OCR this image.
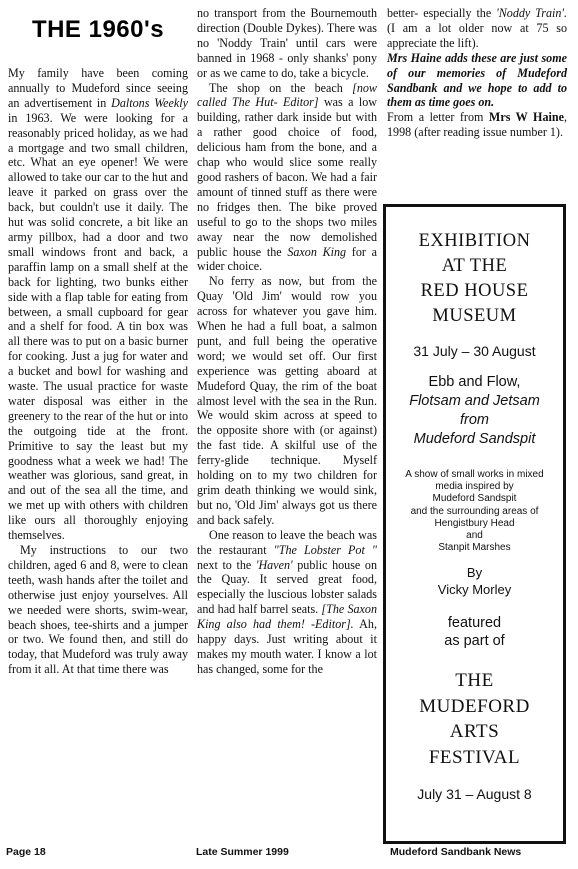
THE 1960's

My family have been coming annually to Mudeford since seeing an advertisement in Daltons Weekly in 1963. We were looking for a reasonably priced holiday, as we had a mortgage and two small children, etc. What an eye opener! We were allowed to take our car to the hut and leave it parked on grass over the back, but couldn't use it daily. The hut was solid concrete, a bit like an army pillbox, had a door and two small windows front and back, a paraffin lamp on a small shelf at the back for lighting, two bunks either side with a flap table for eating from between, a small cupboard for gear and a shelf for food. A tin box was all there was to put on a basic burner for cooking. Just a jug for water and a bucket and bowl for washing and waste. The usual practice for waste water disposal was either in the greenery to the rear of the hut or into the outgoing tide at the front. Primitive to say the least but my goodness what a week we had! The weather was glorious, sand great, in and out of the sea all the time, and we met up with others with children like ours all thoroughly enjoying themselves.

My instructions to our two children, aged 6 and 8, were to clean teeth, wash hands after the toilet and otherwise just enjoy yourselves. All we needed were shorts, swim-wear, beach shoes, tee-shirts and a jumper or two. We found then, and still do today, that Mudeford was truly away from it all. At that time there was

no transport from the Bournemouth direction (Double Dykes). There was no 'Noddy Train' until cars were banned in 1968 - only shanks' pony or as we came to do, take a bicycle.

The shop on the beach [now called The Hut- Editor] was a low building, rather dark inside but with a rather good choice of food, delicious ham from the bone, and a chap who would slice some really good rashers of bacon. We had a fair amount of tinned stuff as there were no fridges then. The bike proved useful to go to the shops two miles away near the now demolished public house the Saxon King for a wider choice.

No ferry as now, but from the Quay 'Old Jim' would row you across for whatever you gave him. When he had a full boat, a salmon punt, and full being the operative word; we would set off. Our first experience was getting aboard at Mudeford Quay, the rim of the boat almost level with the sea in the Run. We would skim across at speed to the opposite shore with (or against) the fast tide. A skilful use of the ferry-glide technique. Myself holding on to my two children for grim death thinking we would sink, but no, 'Old Jim' always got us there and back safely.

One reason to leave the beach was the restaurant "The Lobster Pot " next to the 'Haven' public house on the Quay. It served great food, especially the luscious lobster salads and had half barrel seats. [The Saxon King also had them! -Editor]. Ah, happy days. Just writing about it makes my mouth water. I know a lot has changed, some for the

better- especially the 'Noddy Train'. (I am a lot older now at 75 so appreciate the lift).

Mrs Haine adds these are just some of our memories of Mudeford Sandbank and we hope to add to them as time goes on.

From a letter from Mrs W Haine, 1998 (after reading issue number 1).

EXHIBITION
AT THE
RED HOUSE
MUSEUM
31 July – 30 August
Ebb and Flow,
Flotsam and Jetsam
from
Mudeford Sandspit
A show of small works in mixed
media inspired by
Mudeford Sandspit
and the surrounding areas of
Hengistbury Head
and
Stanpit Marshes
By
Vicky Morley
featured
as part of
THE
MUDEFORD
ARTS
FESTIVAL
July 31 – August 8
Page 18	Late Summer 1999	Mudeford Sandbank News
